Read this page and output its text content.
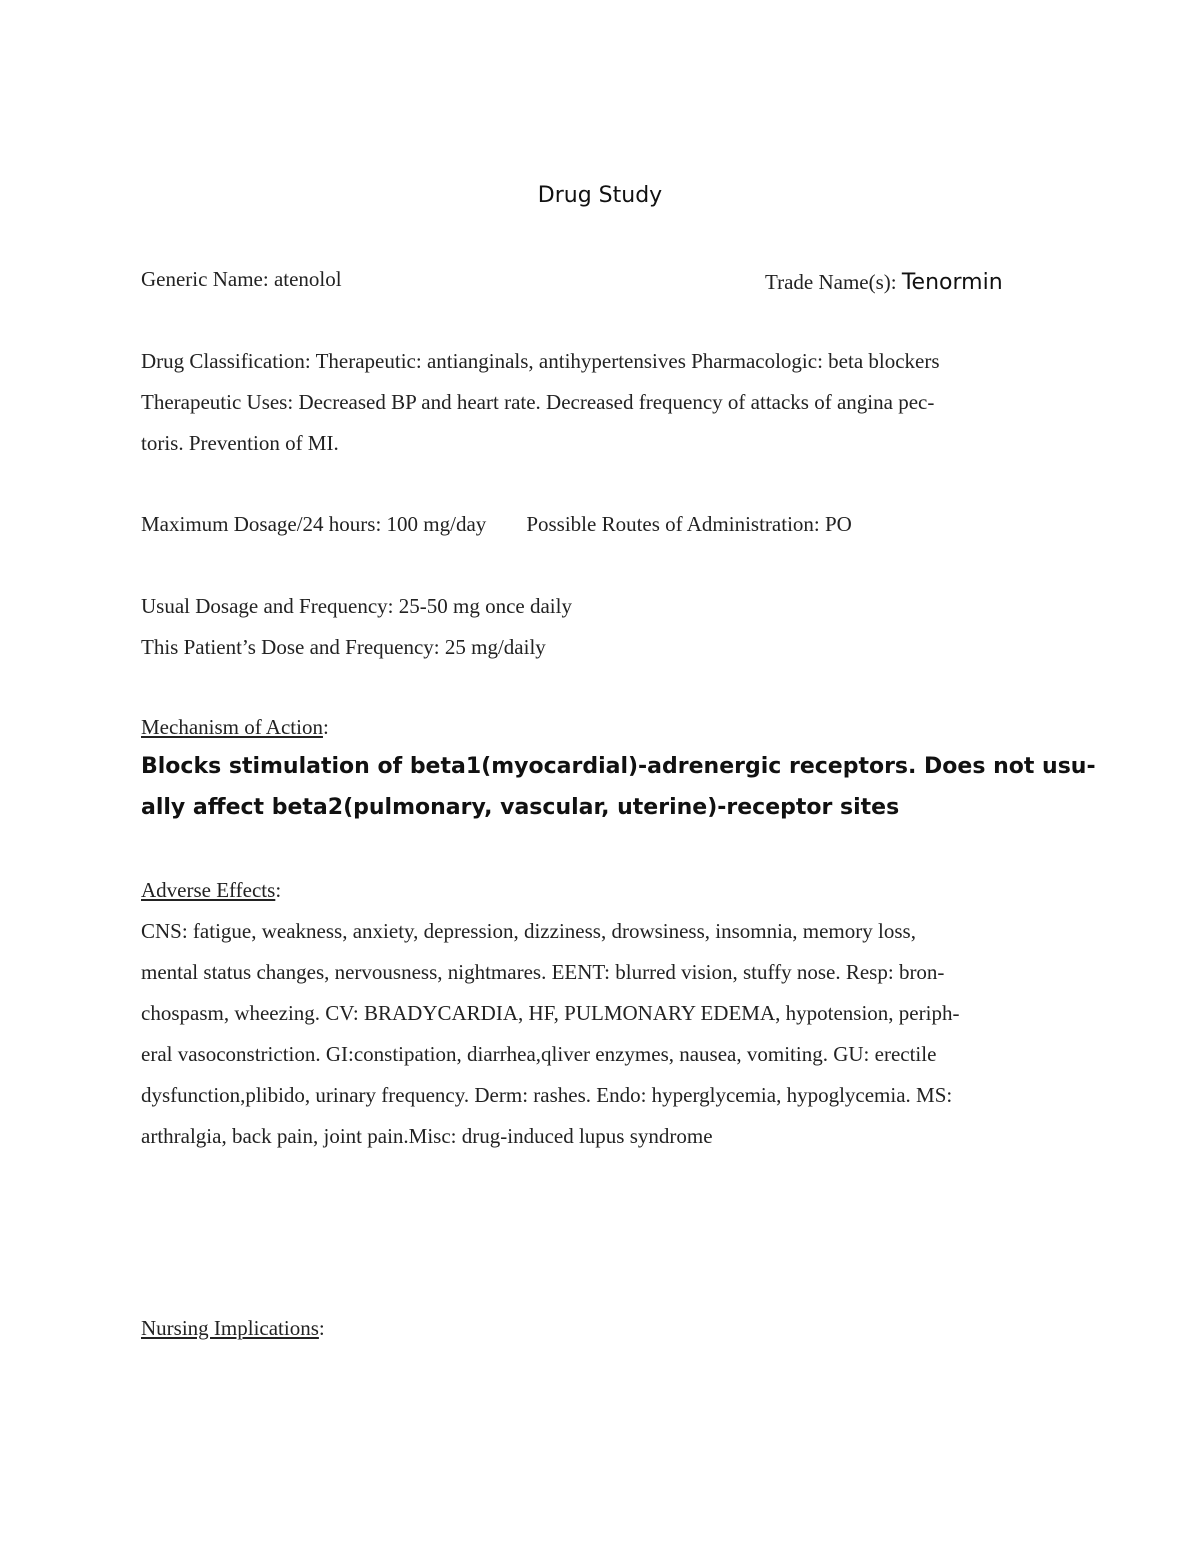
Drug Study
Generic Name: atenolol	Trade Name(s): Tenormin
Drug Classification: Therapeutic: antianginals, antihypertensives Pharmacologic: beta blockers
Therapeutic Uses: Decreased BP and heart rate. Decreased frequency of attacks of angina pec-
toris. Prevention of MI.
Maximum Dosage/24 hours: 100 mg/day Possible Routes of Administration: PO
Usual Dosage and Frequency: 25-50 mg once daily
This Patient’s Dose and Frequency: 25 mg/daily
Mechanism of Action:
Blocks stimulation of beta1(myocardial)-adrenergic receptors. Does not usu-
ally affect beta2(pulmonary, vascular, uterine)-receptor sites
Adverse Effects:
CNS: fatigue, weakness, anxiety, depression, dizziness, drowsiness, insomnia, memory loss,
mental status changes, nervousness, nightmares. EENT: blurred vision, stuffy nose. Resp: bron-
chospasm, wheezing. CV: BRADYCARDIA, HF, PULMONARY EDEMA, hypotension, periph-
eral vasoconstriction. GI:constipation, diarrhea,qliver enzymes, nausea, vomiting. GU: erectile
dysfunction,plibido, urinary frequency. Derm: rashes. Endo: hyperglycemia, hypoglycemia. MS:
arthralgia, back pain, joint pain.Misc: drug-induced lupus syndrome
Nursing Implications:
